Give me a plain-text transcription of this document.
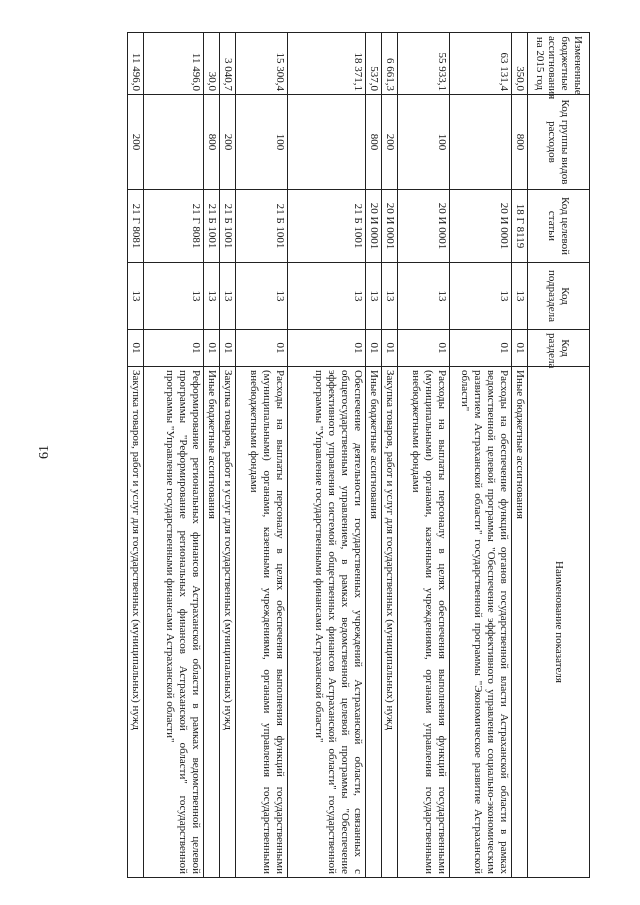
61
Измененные бюджетные ассигнования на 2015 год	Код группы видов расходов	Код целевой статьи	Код подраздела	Код раздела	Наименование показателя
350,0	800	18 Г 8119	13	01	Иные бюджетные ассигнования
63 131,4		20 И 0001	13	01	Расходы на обеспечение функций органов государственной власти Астраханской области в рамках ведомственной целевой программы "Обеспечение эффективного управления социально-экономическим развитием Астраханской области" государственной программы "Экономическое развитие Астраханской области"
55 933,1	100	20 И 0001	13	01	Расходы на выплаты персоналу в целях обеспечения выполнения функций государственными (муниципальными) органами, казенными учреждениями, органами управления государственными внебюджетными фондами
6 661,3	200	20 И 0001	13	01	Закупка товаров, работ и услуг для государственных (муниципальных) нужд
537,0	800	20 И 0001	13	01	Иные бюджетные ассигнования
18 371,1		21 Б 1001	13	01	Обеспечение деятельности государственных учреждений Астраханской области, связанных с общегосударственным управлением, в рамках ведомственной целевой программы "Обеспечение эффективного управления системой общественных финансов Астраханской области" государственной программы "Управление государственными финансами Астраханской области"
15 300,4	100	21 Б 1001	13	01	Расходы на выплаты персоналу в целях обеспечения выполнения функций государственными (муниципальными) органами, казенными учреждениями, органами управления государственными внебюджетными фондами
3 040,7	200	21 Б 1001	13	01	Закупка товаров, работ и услуг для государственных (муниципальных) нужд
30,0	800	21 Б 1001	13	01	Иные бюджетные ассигнования
11 496,0		21 Г 8081	13	01	Реформирование региональных финансов Астраханской области в рамках ведомственной целевой программы "Реформирование региональных финансов Астраханской области" государственной программы "Управление государственными финансами Астраханской области"
11 496,0	200	21 Г 8081	13	01	Закупка товаров, работ и услуг для государственных (муниципальных) нужд
